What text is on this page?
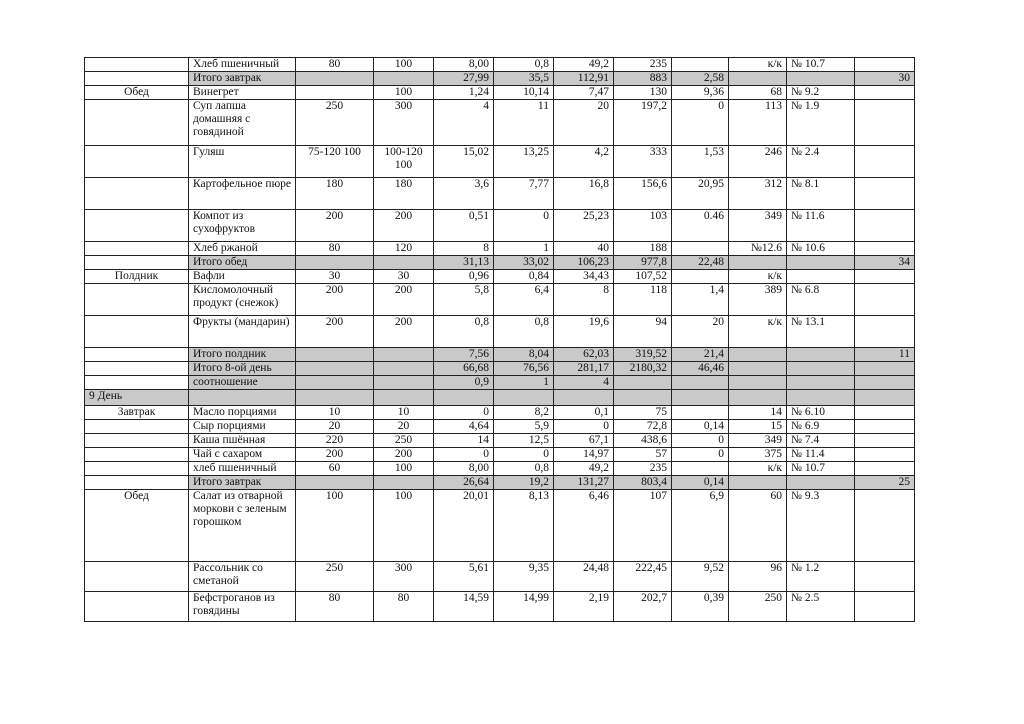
	Хлеб пшеничный	80	100	8,00	0,8	49,2	235		к/к	№ 10.7	
	Итого завтрак			27,99	35,5	112,91	883	2,58			30
Обед	Винегрет		100	1,24	10,14	7,47	130	9,36	68	№ 9.2	
	Суп лапша домашняя с говядиной	250	300	4	11	20	197,2	0	113	№ 1.9	
	Гуляш	75-120 100	100-120 100	15,02	13,25	4,2	333	1,53	246	№ 2.4	
	Картофельное пюре	180	180	3,6	7,77	16,8	156,6	20,95	312	№ 8.1	
	Компот из сухофруктов	200	200	0,51	0	25,23	103	0.46	349	№ 11.6	
	Хлеб ржаной	80	120	8	1	40	188		№12.6	№ 10.6	
	Итого обед			31,13	33,02	106,23	977,8	22,48			34
Полдник	Вафли	30	30	0,96	0,84	34,43	107,52		к/к		
	Кисломолочный продукт (снежок)	200	200	5,8	6,4	8	118	1,4	389	№ 6.8	
	Фрукты (мандарин)	200	200	0,8	0,8	19,6	94	20	к/к	№ 13.1	
	Итого полдник			7,56	8,04	62,03	319,52	21,4			11
	Итого 8-ой день			66,68	76,56	281,17	2180,32	46,46			
	соотношение			0,9	1	4					
9 День											
Завтрак	Масло порциями	10	10	0	8,2	0,1	75		14	№ 6.10	
	Сыр порциями	20	20	4,64	5,9	0	72,8	0,14	15	№ 6.9	
	Каша пшённая	220	250	14	12,5	67,1	438,6	0	349	№ 7.4	
	Чай с сахаром	200	200	0	0	14,97	57	0	375	№ 11.4	
	хлеб пшеничный	60	100	8,00	0,8	49,2	235		к/к	№ 10.7	
	Итого завтрак			26,64	19,2	131,27	803,4	0,14			25
Обед	Салат из отварной моркови с зеленым горошком	100	100	20,01	8,13	6,46	107	6,9	60	№ 9.3	
	Рассольник со сметаной	250	300	5,61	9,35	24,48	222,45	9,52	96	№ 1.2	
	Бефстроганов из говядины	80	80	14,59	14,99	2,19	202,7	0,39	250	№ 2.5	
